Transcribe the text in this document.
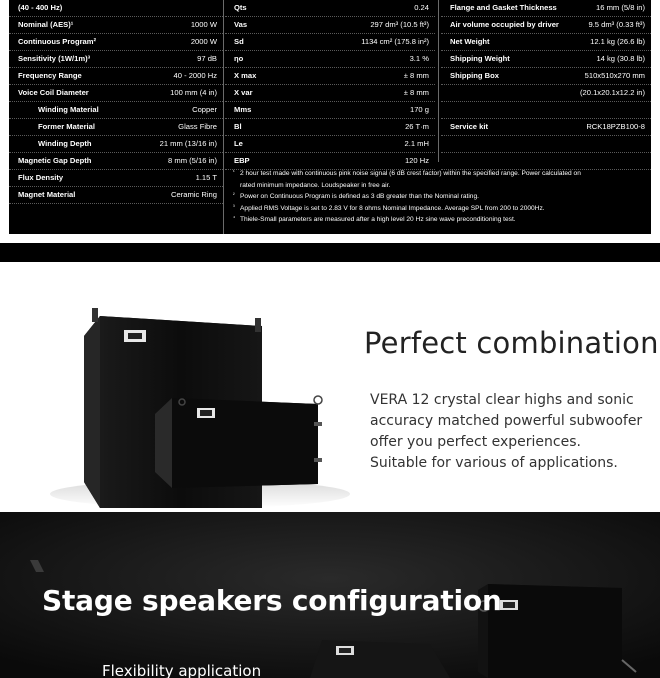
(40 - 400 Hz)
Nominal (AES)¹	1000 W
Continuous Program²	2000 W
Sensitivity (1W/1m)³	97 dB
Frequency Range	40 - 2000 Hz
Voice Coil Diameter	100 mm (4 in)
Winding Material	Copper
Former Material	Glass Fibre
Winding Depth	21 mm (13/16 in)
Magnetic Gap Depth	8 mm (5/16 in)
Flux Density	1.15 T
Magnet Material	Ceramic Ring
Qts	0.24
Vas	297 dm³ (10.5 ft³)
Sd	1134 cm² (175.8 in²)
ηo	3.1 %
X max	± 8 mm
X var	± 8 mm
Mms	170 g
Bl	26 T·m
Le	2.1 mH
EBP	120 Hz
Flange and Gasket Thickness	16 mm (5/8 in)
Air volume occupied by driver	9.5 dm³ (0.33 ft³)
Net Weight	12.1 kg (26.6 lb)
Shipping Weight	14 kg (30.8 lb)
Shipping Box	510x510x270 mm
(20.1x20.1x12.2 in)
Service kit	RCK18PZB100-8
¹ 2 hour test made with continuous pink noise signal (6 dB crest factor) within the specified range. Power calculated on
rated minimum impedance. Loudspeaker in free air.
² Power on Continuous Program is defined as 3 dB greater than the Nominal rating.
³ Applied RMS Voltage is set to 2.83 V for 8 ohms Nominal Impedance. Average SPL from 200 to 2000Hz.
⁴ Thiele-Small parameters are measured after a high level 20 Hz sine wave preconditioning test.
Perfect combination

VERA 12 crystal clear highs and sonic

accuracy matched powerful subwoofer

offer you perfect experiences.

Suitable for various of applications.

Stage speakers configuration
Flexibility application
